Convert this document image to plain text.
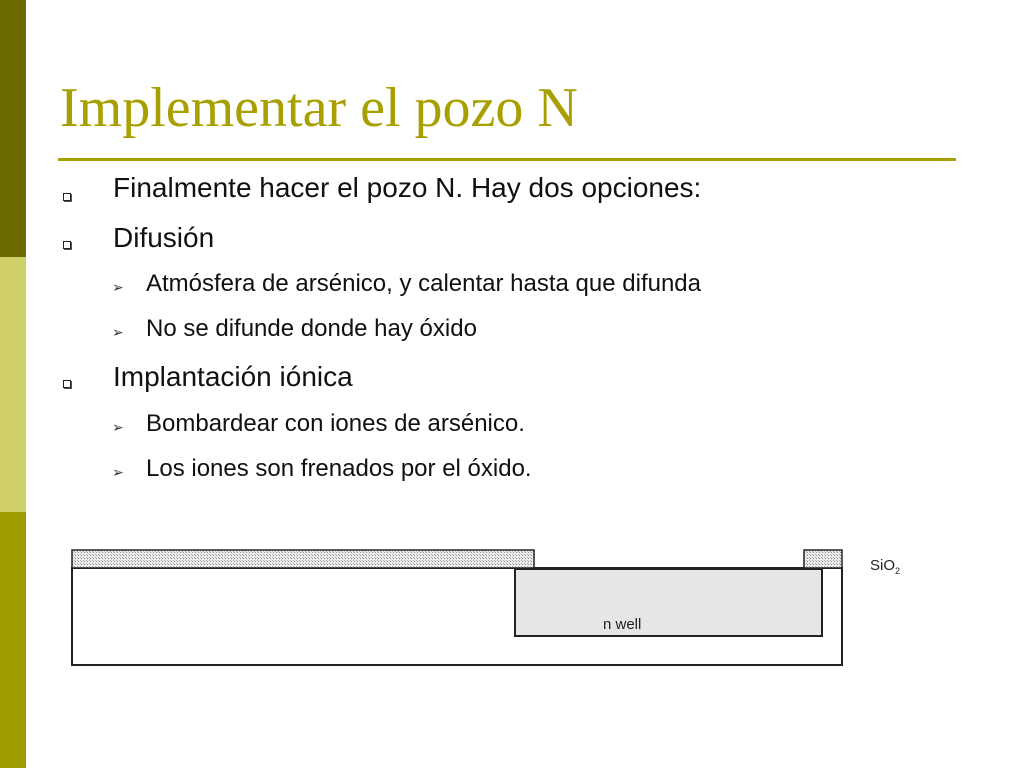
Implementar el pozo N
Finalmente hacer el pozo N. Hay dos opciones:
Difusión
➢ Atmósfera de arsénico, y calentar hasta que difunda
➢ No se difunde donde hay óxido
Implantación iónica
➢ Bombardear con iones de arsénico.
➢ Los iones son frenados por el óxido.
SiO$_2$
n well
